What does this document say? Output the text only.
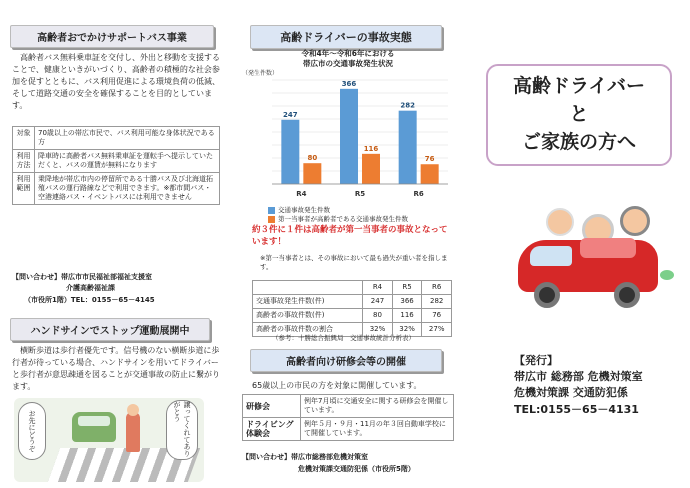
高齢者おでかけサポートバス事業
高齢者バス無料乗車証を交付し、外出と移動を支援することで、健康といきがいづくり、高齢者の積極的な社会参加を促すとともに、バス利用促進による環境負荷の低減、そして道路交通の安全を確保することを目的としています。
対象	70歳以上の帯広市民で、バス利用可能な身体状況である方
利用方法	降車時に高齢者バス無料乗車証を運転手へ提示していただくと、バスの運賃が無料になります
利用範囲	乗降地が帯広市内の停留所である十勝バス及び北海道拓殖バスの運行路線などで利用できます。※都市間バス・空港連絡バス・イベントバスには利用できません
【問い合わせ】帯広市市民福祉部福祉支援室
介護高齢福祉課
（市役所1階）TEL：0155－65－4145
ハンドサインでストップ運動展開中
横断歩道は歩行者優先です。信号機のない横断歩道に歩行者が待っている場合、ハンドサインを用いてドライバーと歩行者が意思疎通を図ることが交通事故の防止に繋がります。
お先にどうぞ	譲ってくれてありがとう
高齢ドライバーの事故実態
令和4年～令和6年における
帯広市の交通事故発生状況
（発生件数）
247
80
R4
366
116
R5
282
76
R6
交通事故発生件数
第一当事者が高齢者である交通事故発生件数
約３件に１件は高齢者が第一当事者の事故となっています！
※第一当事者とは、その事故において最も過失が重い者を指します。
	R4	R5	R6
交通事故発生件数(件)	247	366	282
高齢者の事故件数(件)	80	116	76
高齢者の事故件数の割合	32%	32%	27%
（参考：十勝総合振興局　交通事故統計分析表）
高齢者向け研修会等の開催
65歳以上の市民の方を対象に開催しています。
研修会	例年7月頃に交通安全に関する研修会を開催しています。
ドライビング体験会	例年５月・９月・11月の年３回自動車学校にて開催しています。
【問い合わせ】帯広市総務部危機対策室
危機対策課交通防犯係（市役所5階）
高齢ドライバー
と
ご家族の方へ
【発行】
帯広市 総務部 危機対策室
危機対策課 交通防犯係
TEL:0155－65－4131
